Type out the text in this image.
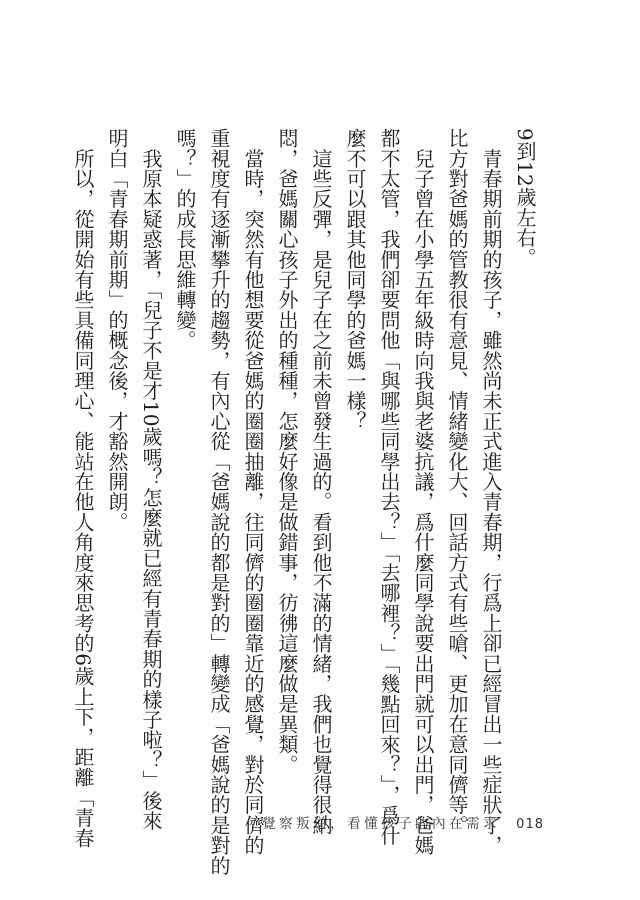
9到12歲左右。
　青春期前期的孩子，雖然尚未正式進入青春期，行爲上卻已經冒出一些症狀了，
比方對爸媽的管教很有意見、情緒變化大、回話方式有些嗆、更加在意同儕等。
　兒子曾在小學五年級時向我與老婆抗議，爲什麼同學說要出門就可以出門，爸媽
都不太管，我們卻要問他「與哪些同學出去？」「去哪裡？」「幾點回來？」，爲什
麼不可以跟其他同學的爸媽一樣？
　這些反彈，是兒子在之前未曾發生過的。看到他不滿的情緒，我們也覺得很納
悶，爸媽關心孩子外出的種種，怎麼好像是做錯事，彷彿這麼做是異類。
　當時，突然有他想要從爸媽的圈圈抽離，往同儕的圈圈靠近的感覺，對於同儕的
重視度有逐漸攀升的趨勢，有內心從「爸媽說的都是對的」轉變成「爸媽說的是對的
嗎？」的成長思維轉變。
　我原本疑惑著，「兒子不是才10歲嗎？怎麼就已經有青春期的樣子啦？」後來
明白「青春期前期」的概念後，才豁然開朗。
　所以，從開始有些具備同理心、能站在他人角度來思考的6歲上下，距離「青春	覺察叛逆，看懂孩子的內在需求 018
